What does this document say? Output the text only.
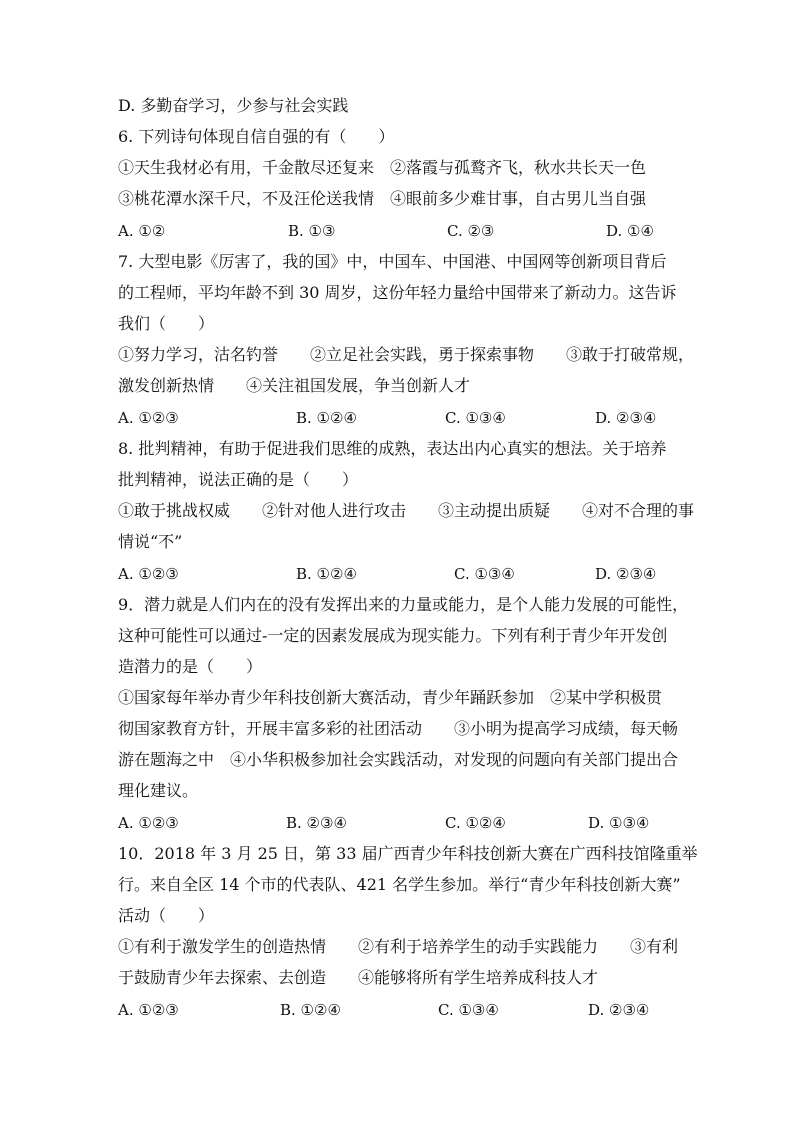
D. 多勤奋学习，少参与社会实践
6. 下列诗句体现自信自强的有（　　）
①天生我材必有用，千金散尽还复来　②落霞与孤鹜齐飞，秋水共长天一色
③桃花潭水深千尺，不及汪伦送我情　④眼前多少难甘事，自古男儿当自强
A. ①②	B. ①③	C. ②③	D. ①④
7. 大型电影《厉害了，我的国》中，中国车、中国港、中国网等创新项目背后
的工程师，平均年龄不到 30 周岁，这份年轻力量给中国带来了新动力。这告诉
我们（　　）
①努力学习，沽名钓誉　　②立足社会实践，勇于探索事物　　③敢于打破常规，
激发创新热情　　④关注祖国发展，争当创新人才
A. ①②③	B. ①②④	C. ①③④	D. ②③④
8. 批判精神，有助于促进我们思维的成熟，表达出内心真实的想法。关于培养
批判精神，说法正确的是（　　）
①敢于挑战权威　　②针对他人进行攻击　　③主动提出质疑　　④对不合理的事
情说“不”
A. ①②③	B. ①②④	C. ①③④	D. ②③④
9．潜力就是人们内在的没有发挥出来的力量或能力，是个人能力发展的可能性，
这种可能性可以通过-一定的因素发展成为现实能力。下列有利于青少年开发创
造潜力的是（　　）
①国家每年举办青少年科技创新大赛活动，青少年踊跃参加　②某中学积极贯
彻国家教育方针，开展丰富多彩的社团活动　　③小明为提高学习成绩，每天畅
游在题海之中　④小华积极参加社会实践活动，对发现的问题向有关部门提出合
理化建议。
A. ①②③	B. ②③④	C. ①②④	D. ①③④
10．2018 年 3 月 25 日，第 33 届广西青少年科技创新大赛在广西科技馆隆重举
行。来自全区 14 个市的代表队、421 名学生参加。举行“青少年科技创新大赛”
活动（　　）
①有利于激发学生的创造热情　　②有利于培养学生的动手实践能力　　③有利
于鼓励青少年去探索、去创造　　④能够将所有学生培养成科技人才
A. ①②③	B. ①②④	C. ①③④	D. ②③④
